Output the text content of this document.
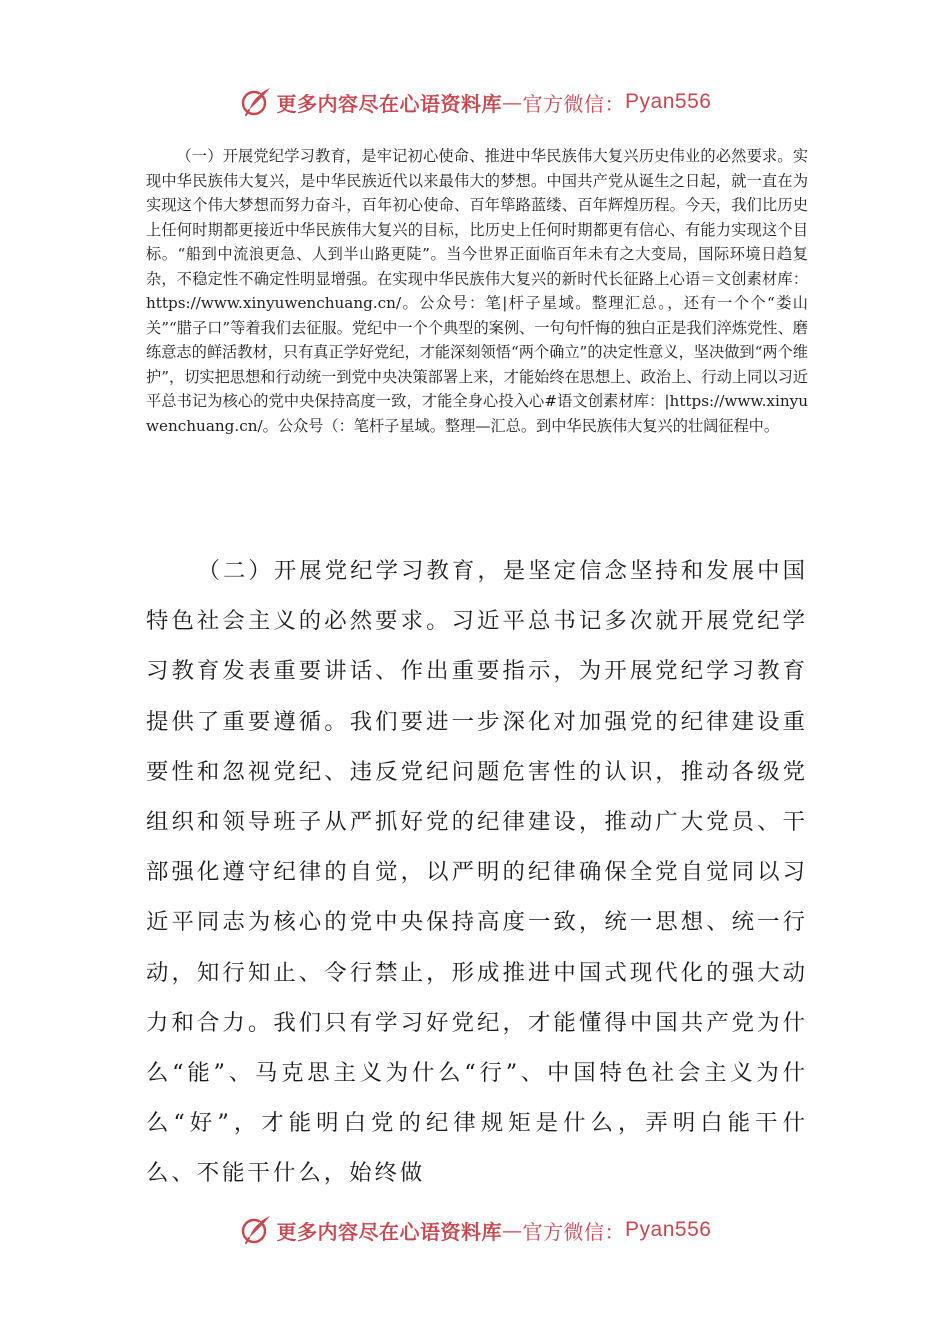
更多内容尽在心语资料库 — 官方微信： Pyan556

（一）开展党纪学习教育，是牢记初心使命、推进中华民族伟大复兴历史伟业的必然要求。实现中华民族伟大复兴，是中华民族近代以来最伟大的梦想。中国共产党从诞生之日起，就一直在为实现这个伟大梦想而努力奋斗，百年初心使命、百年筚路蓝缕、百年辉煌历程。今天，我们比历史上任何时期都更接近中华民族伟大复兴的目标，比历史上任何时期都更有信心、有能力实现这个目标。“船到中流浪更急、人到半山路更陡”。当今世界正面临百年未有之大变局，国际环境日趋复杂，不稳定性不确定性明显增强。在实现中华民族伟大复兴的新时代长征路上心语＝文创素材库：https://www.xinyuwenchuang.cn/。公众号：笔|杆子星域。整理汇总。，还有一个个“娄山关”“腊子口”等着我们去征服。党纪中一个个典型的案例、一句句忏悔的独白正是我们淬炼党性、磨练意志的鲜活教材，只有真正学好党纪，才能深刻领悟“两个确立”的决定性意义，坚决做到“两个维护”，切实把思想和行动统一到党中央决策部署上来，才能始终在思想上、政治上、行动上同以习近平总书记为核心的党中央保持高度一致，才能全身心投入心#语文创素材库：|https://www.xinyuwenchuang.cn/。公众号（：笔杆子星域。整理—汇总。到中华民族伟大复兴的壮阔征程中。

（二）开展党纪学习教育，是坚定信念坚持和发展中国特色社会主义的必然要求。习近平总书记多次就开展党纪学习教育发表重要讲话、作出重要指示，为开展党纪学习教育提供了重要遵循。我们要进一步深化对加强党的纪律建设重要性和忽视党纪、违反党纪问题危害性的认识，推动各级党组织和领导班子从严抓好党的纪律建设，推动广大党员、干部强化遵守纪律的自觉，以严明的纪律确保全党自觉同以习近平同志为核心的党中央保持高度一致，统一思想、统一行动，知行知止、令行禁止，形成推进中国式现代化的强大动力和合力。我们只有学习好党纪，才能懂得中国共产党为什么“能”、马克思主义为什么“行”、中国特色社会主义为什么“好”，才能明白党的纪律规矩是什么，弄明白能干什么、不能干什么，始终做

更多内容尽在心语资料库 — 官方微信： Pyan556
